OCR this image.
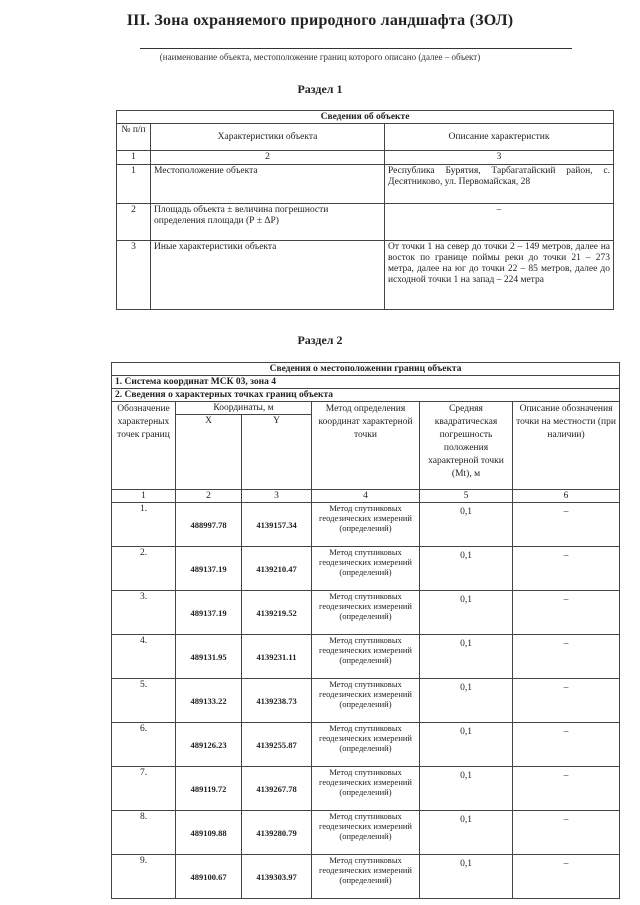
III. Зона охраняемого природного ландшафта (ЗОЛ)
(наименование объекта, местоположение границ которого описано (далее – объект)
Раздел 1
Сведения об объекте		
№ п/п	Характеристики объекта	Описание характеристик
1	2	3
1	Местоположение объекта	Республика Бурятия, Тарбагатайский район, с. Десятниково, ул. Первомайская, 28
2	Площадь объекта ± величина погрешности определения площади (Р ± ΔР)	–
3	Иные характеристики объекта	От точки 1 на север до точки 2 – 149 метров, далее на восток по границе поймы реки до точки 21 – 273 метра, далее на юг до точки 22 – 85 метров, далее до исходной точки 1 на запад – 224 метра
Раздел 2
Сведения о местоположении границ объекта					
1. Система координат МСК 03, зона 4					
2. Сведения о характерных точках границ объекта					
Обозначение характерных точек границ	Координаты, м		Метод определения координат характерной точки	Средняя квадратическая погрешность положения характерной точки (Mt), м	Описание обозначения точки на местности (при наличии)
	X	Y			
1	2	3	4	5	6
1.	488997.78	4139157.34	Метод спутниковых геодезических измерений (определений)	0,1	–
2.	489137.19	4139210.47	Метод спутниковых геодезических измерений (определений)	0,1	–
3.	489137.19	4139219.52	Метод спутниковых геодезических измерений (определений)	0,1	–
4.	489131.95	4139231.11	Метод спутниковых геодезических измерений (определений)	0,1	–
5.	489133.22	4139238.73	Метод спутниковых геодезических измерений (определений)	0,1	–
6.	489126.23	4139255.87	Метод спутниковых геодезических измерений (определений)	0,1	–
7.	489119.72	4139267.78	Метод спутниковых геодезических измерений (определений)	0,1	–
8.	489109.88	4139280.79	Метод спутниковых геодезических измерений (определений)	0,1	–
9.	489100.67	4139303.97	Метод спутниковых геодезических измерений (определений)	0,1	–
